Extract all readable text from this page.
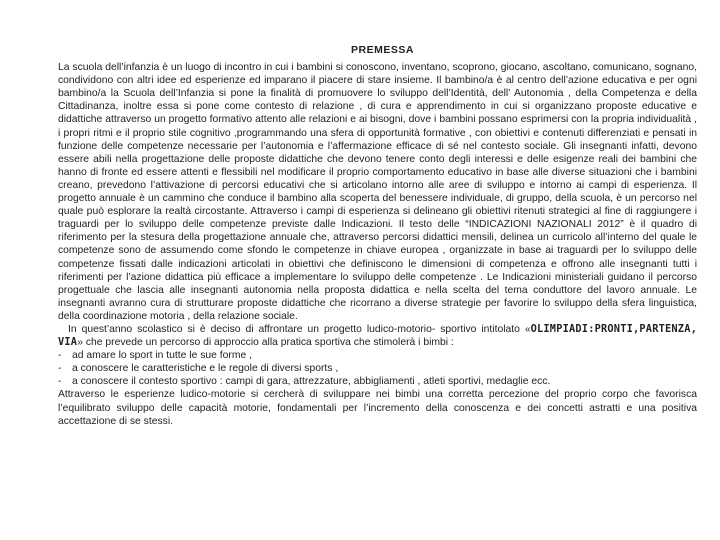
PREMESSA

La scuola dell’infanzia è un luogo di incontro in cui i bambini si conoscono, inventano, scoprono, giocano, ascoltano, comunicano, sognano, condividono con altri idee ed esperienze ed imparano il piacere di stare insieme. Il bambino/a è al centro dell’azione educativa e per ogni bambino/a la Scuola dell’Infanzia si pone la finalità di promuovere lo sviluppo dell’Identità, dell’ Autonomia , della Competenza e della Cittadinanza, inoltre essa si pone come contesto di relazione , di cura e apprendimento in cui si organizzano proposte educative e didattiche attraverso un progetto formativo attento alle relazioni e ai bisogni, dove i bambini possano esprimersi con la propria individualità , i propri ritmi e il proprio stile cognitivo ,programmando una sfera di opportunità formative , con obiettivi e contenuti differenziati e pensati in funzione delle competenze necessarie per l’autonomia e l’affermazione efficace di sé nel contesto sociale. Gli insegnanti infatti, devono essere abili nella progettazione delle proposte didattiche che devono tenere conto degli interessi e delle esigenze reali dei bambini che hanno di fronte ed essere attenti e flessibili nel modificare il proprio comportamento educativo in base alle diverse situazioni che i bambini creano, prevedono l’attivazione di percorsi educativi che si articolano intorno alle aree di sviluppo e intorno ai campi di esperienza. Il progetto annuale è un cammino che conduce il bambino alla scoperta del benessere individuale, di gruppo, della scuola, è un percorso nel quale può esplorare la realtà circostante. Attraverso i campi di esperienza si delineano gli obiettivi ritenuti strategici al fine di raggiungere i traguardi per lo sviluppo delle competenze previste dalle Indicazioni. Il testo delle “INDICAZIONI NAZIONALI 2012” è il quadro di riferimento per la stesura della progettazione annuale che, attraverso percorsi didattici mensili, delinea un curricolo all’interno del quale le competenze sono de assumendo come sfondo le competenze in chiave europea , organizzate in base ai traguardi per lo sviluppo delle competenze fissati dalle indicazioni articolati in obiettivi che definiscono le dimensioni di competenza e offrono alle insegnanti tutti i riferimenti per l’azione didattica più efficace a implementare lo sviluppo delle competenze . Le Indicazioni ministeriali guidano il percorso progettuale che lascia alle insegnanti autonomia nella proposta didattica e nella scelta del tema conduttore del lavoro annuale. Le insegnanti avranno cura di strutturare proposte didattiche che ricorrano a diverse strategie per favorire lo sviluppo della sfera linguistica, della coordinazione motoria , della relazione sociale.

In quest’anno scolastico si è deciso di affrontare un progetto ludico-motorio- sportivo intitolato «OLIMPIADI:PRONTI,PARTENZA, VIA» che prevede un percorso di approccio alla pratica sportiva che stimolerà i bimbi :

- ad amare lo sport in tutte le sue forme ,
- a conoscere le caratteristiche e le regole di diversi sports ,
- a conoscere il contesto sportivo : campi di gara, attrezzature, abbigliamenti , atleti sportivi, medaglie ecc.

Attraverso le esperienze ludico-motorie si cercherà di sviluppare nei bimbi una corretta percezione del proprio corpo che favorisca l’equilibrato sviluppo delle capacità motorie, fondamentali per l’incremento della conoscenza e dei concetti astratti e una positiva accettazione di se stessi.
